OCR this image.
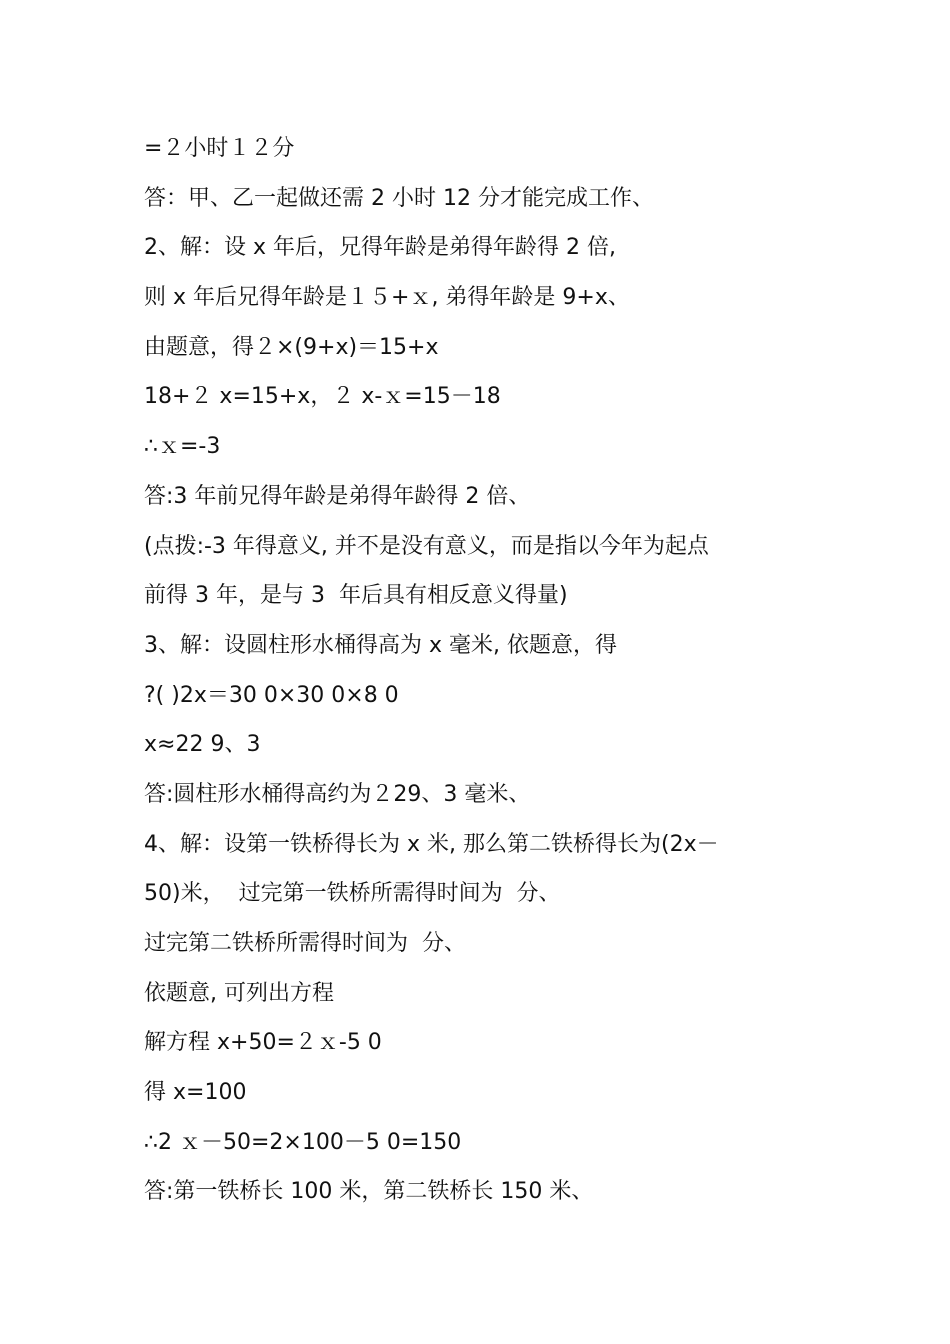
=２小时１２分
答：甲、乙一起做还需 2 小时 12 分才能完成工作、
2、解：设 x 年后，兄得年龄是弟得年龄得 2 倍,
则 x 年后兄得年龄是１５+ｘ, 弟得年龄是 9+x、
由题意，得２×(9+x)＝15+x
18+２ x=15+x，２ x-ｘ=15－18
∴ｘ=-3
答:3 年前兄得年龄是弟得年龄得 2 倍、
(点拨:-3 年得意义, 并不是没有意义，而是指以今年为起点
前得 3 年，是与 3  年后具有相反意义得量)
3、解：设圆柱形水桶得高为 x 毫米, 依题意，得
?( )2x＝30 0×30 0×8 0
x≈22 9、3
答:圆柱形水桶得高约为２29、3 毫米、
4、解：设第一铁桥得长为 x 米, 那么第二铁桥得长为(2x－
50)米，  过完第一铁桥所需得时间为  分、
过完第二铁桥所需得时间为  分、
依题意, 可列出方程
解方程 x+50=２ｘ-5 0
得 x=100
∴2 ｘ－50=2×100－5 0=150
答:第一铁桥长 100 米，第二铁桥长 150 米、
